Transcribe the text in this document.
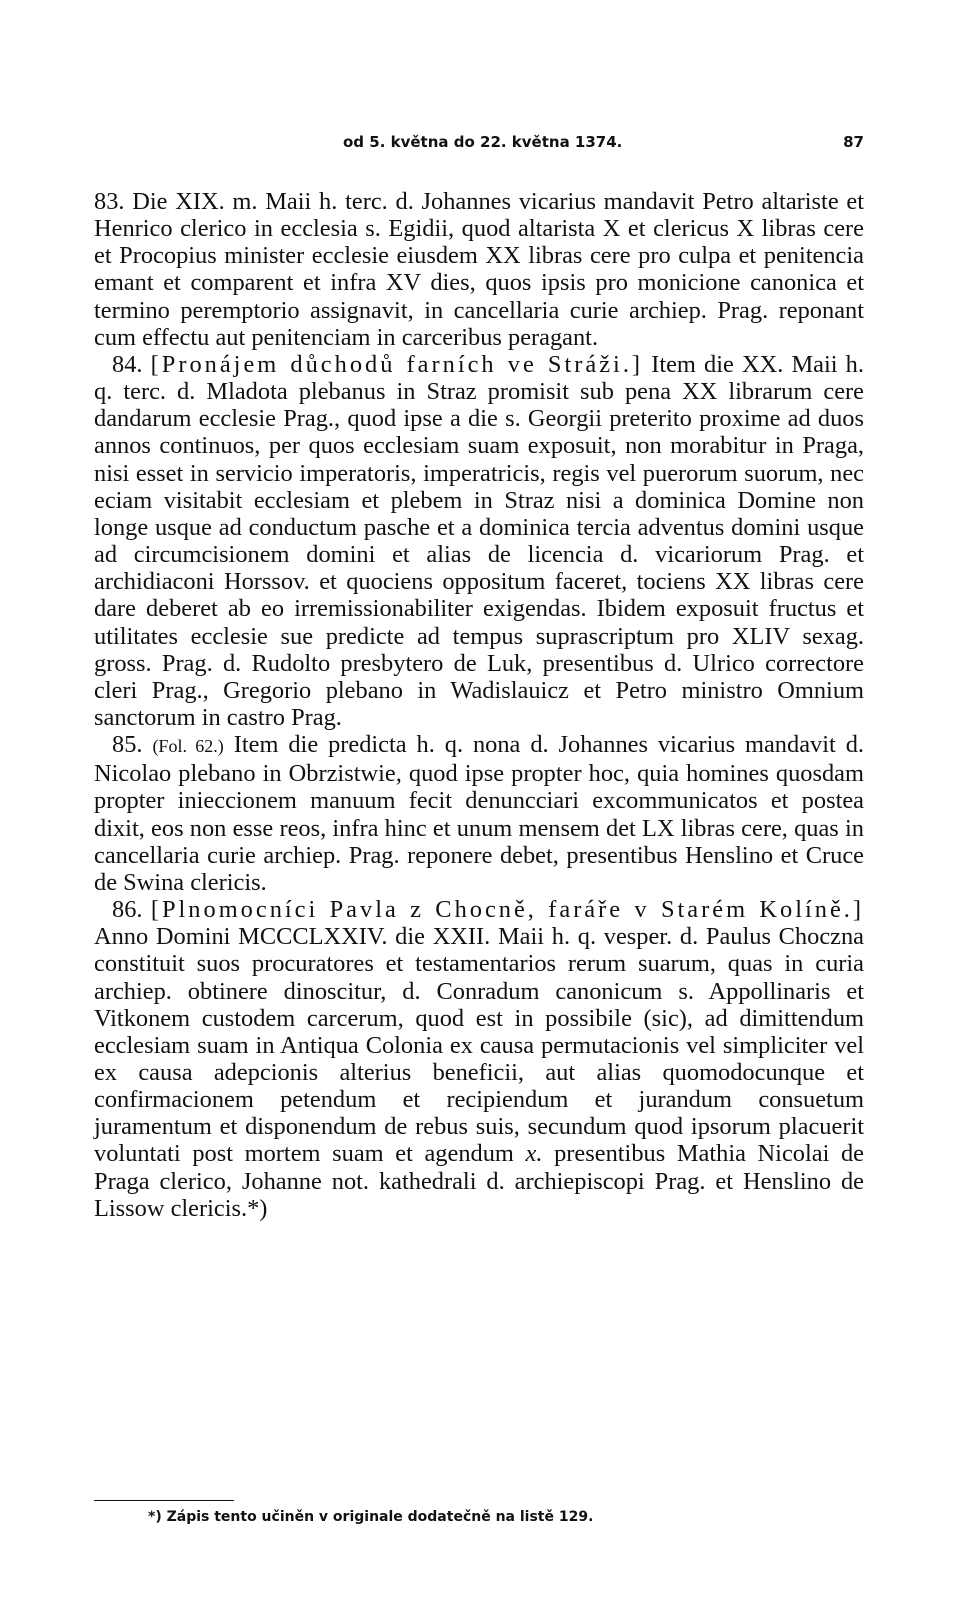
od 5. května do 22. května 1374.	87

83. Die XIX. m. Maii h. terc. d. Johannes vicarius mandavit Petro altariste et Henrico clerico in ecclesia s. Egidii, quod altarista X et clericus X libras cere et Procopius minister ecclesie eiusdem XX libras cere pro culpa et penitencia emant et comparent et infra XV dies, quos ipsis pro monicione canonica et termino peremptorio assignavit, in cancellaria curie archiep. Prag. reponant cum effectu aut penitenciam in carceribus peragant.

84. [Pronájem důchodů farních ve Stráži.] Item die XX. Maii h. q. terc. d. Mladota plebanus in Straz promisit sub pena XX librarum cere dandarum ecclesie Prag., quod ipse a die s. Georgii preterito proxime ad duos annos continuos, per quos ecclesiam suam exposuit, non morabitur in Praga, nisi esset in servicio imperatoris, imperatricis, regis vel puerorum suorum, nec eciam visitabit ecclesiam et plebem in Straz nisi a dominica Domine non longe usque ad conductum pasche et a dominica tercia adventus domini usque ad circumcisionem domini et alias de licencia d. vicariorum Prag. et archidiaconi Horssov. et quociens oppositum faceret, tociens XX libras cere dare deberet ab eo irremissionabiliter exigendas. Ibidem exposuit fructus et utilitates ecclesie sue predicte ad tempus suprascriptum pro XLIV sexag. gross. Prag. d. Rudolto presbytero de Luk, presentibus d. Ulrico correctore cleri Prag., Gregorio plebano in Wadislauicz et Petro ministro Omnium sanctorum in castro Prag.

85. (Fol. 62.) Item die predicta h. q. nona d. Johannes vicarius mandavit d. Nicolao plebano in Obrzistwie, quod ipse propter hoc, quia homines quosdam propter inieccionem manuum fecit denuncciari excommunicatos et postea dixit, eos non esse reos, infra hinc et unum mensem det LX libras cere, quas in cancellaria curie archiep. Prag. reponere debet, presentibus Henslino et Cruce de Swina clericis.

86. [Plnomocníci Pavla z Chocně, faráře v Starém Kolíně.] Anno Domini MCCCLXXIV. die XXII. Maii h. q. vesper. d. Paulus Choczna constituit suos procuratores et testamentarios rerum suarum, quas in curia archiep. obtinere dinoscitur, d. Conradum canonicum s. Appollinaris et Vitkonem custodem carcerum, quod est in possibile (sic), ad dimittendum ecclesiam suam in Antiqua Colonia ex causa permutacionis vel simpliciter vel ex causa adepcionis alterius beneficii, aut alias quomodocunque et confirmacionem petendum et recipiendum et jurandum consuetum juramentum et disponendum de rebus suis, secundum quod ipsorum placuerit voluntati post mortem suam et agendum x. presentibus Mathia Nicolai de Praga clerico, Johanne not. kathedrali d. archiepiscopi Prag. et Henslino de Lissow clericis.*)

*) Zápis tento učiněn v originale dodatečně na listě 129.
